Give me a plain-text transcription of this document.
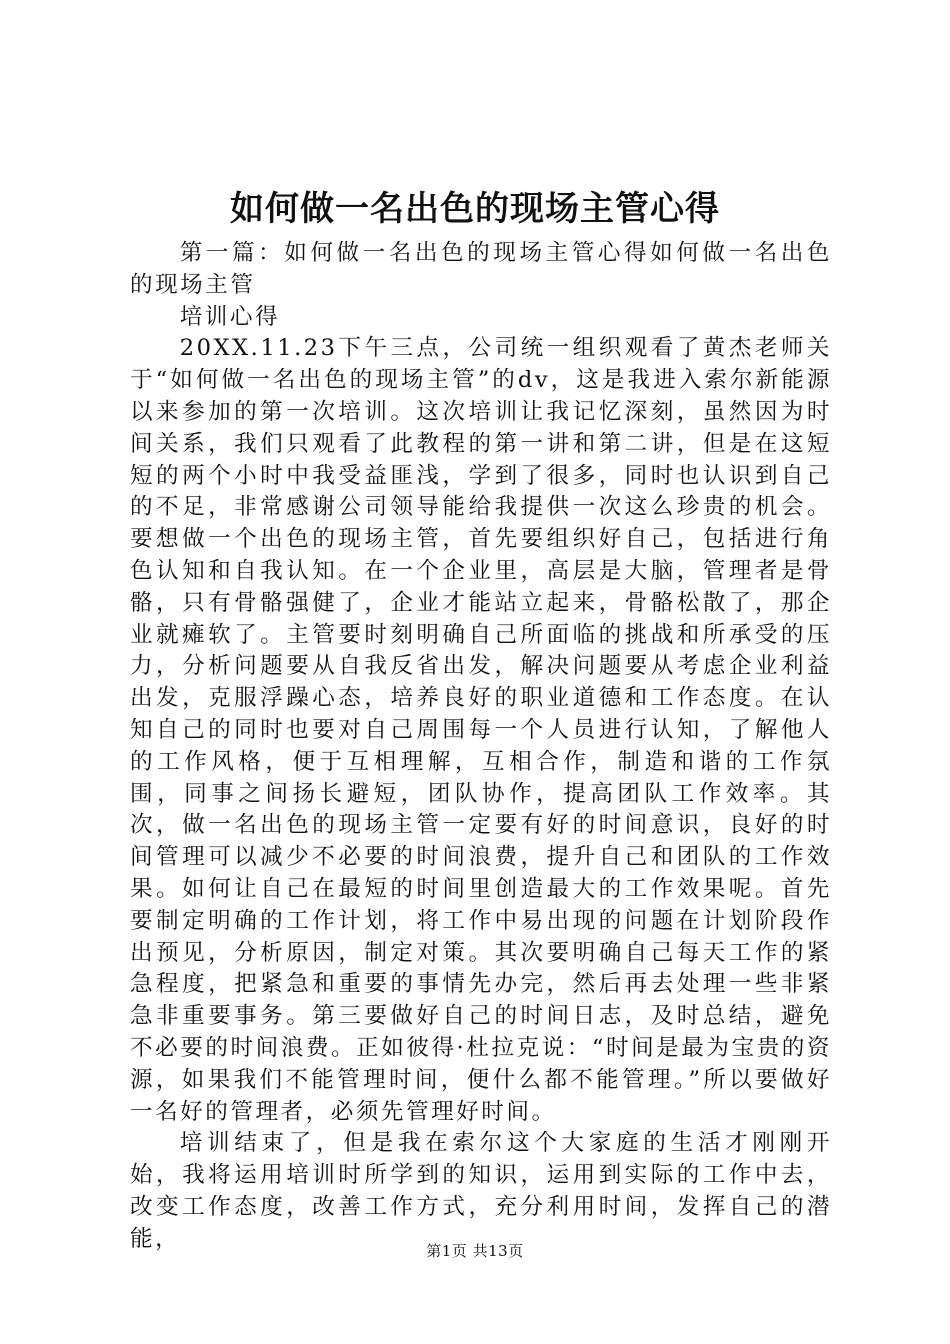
如何做一名出色的现场主管心得

第一篇：如何做一名出色的现场主管心得如何做一名出色的现场主管

培训心得

20XX.11.23下午三点，公司统一组织观看了黄杰老师关于“如何做一名出色的现场主管”的dv，这是我进入索尔新能源以来参加的第一次培训。这次培训让我记忆深刻，虽然因为时间关系，我们只观看了此教程的第一讲和第二讲，但是在这短短的两个小时中我受益匪浅，学到了很多，同时也认识到自己的不足，非常感谢公司领导能给我提供一次这么珍贵的机会。要想做一个出色的现场主管，首先要组织好自己，包括进行角色认知和自我认知。在一个企业里，高层是大脑，管理者是骨骼，只有骨骼强健了，企业才能站立起来，骨骼松散了，那企业就瘫软了。主管要时刻明确自己所面临的挑战和所承受的压力，分析问题要从自我反省出发，解决问题要从考虑企业利益出发，克服浮躁心态，培养良好的职业道德和工作态度。在认知自己的同时也要对自己周围每一个人员进行认知，了解他人的工作风格，便于互相理解，互相合作，制造和谐的工作氛围，同事之间扬长避短，团队协作，提高团队工作效率。其次，做一名出色的现场主管一定要有好的时间意识，良好的时间管理可以减少不必要的时间浪费，提升自己和团队的工作效果。如何让自己在最短的时间里创造最大的工作效果呢。首先要制定明确的工作计划，将工作中易出现的问题在计划阶段作出预见，分析原因，制定对策。其次要明确自己每天工作的紧急程度，把紧急和重要的事情先办完，然后再去处理一些非紧急非重要事务。第三要做好自己的时间日志，及时总结，避免不必要的时间浪费。正如彼得·杜拉克说：“时间是最为宝贵的资源，如果我们不能管理时间，便什么都不能管理。”所以要做好一名好的管理者，必须先管理好时间。

培训结束了，但是我在索尔这个大家庭的生活才刚刚开始，我将运用培训时所学到的知识，运用到实际的工作中去，改变工作态度，改善工作方式，充分利用时间，发挥自己的潜能，	第1页 共13页
